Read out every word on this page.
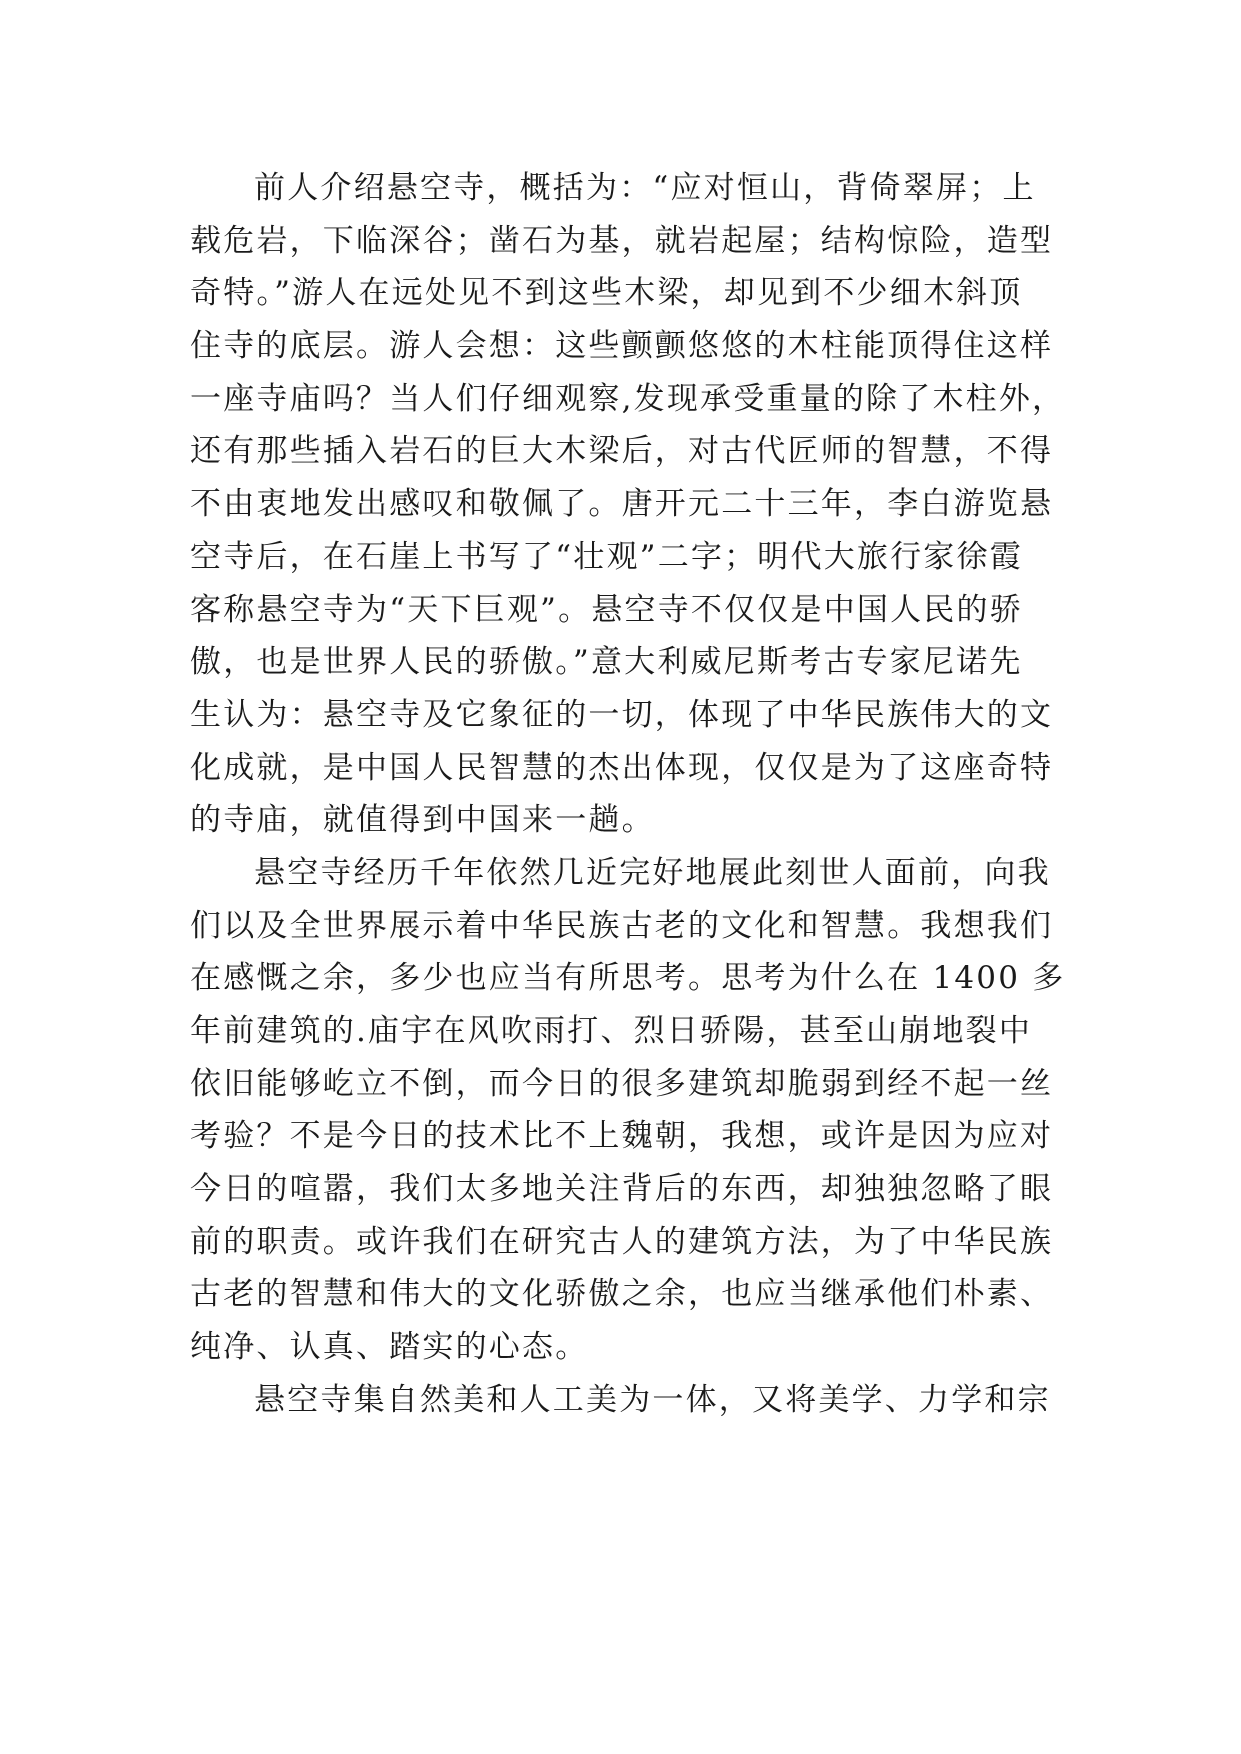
前人介绍悬空寺，概括为：“应对恒山，背倚翠屏；上
载危岩，下临深谷；凿石为基，就岩起屋；结构惊险，造型
奇特。”游人在远处见不到这些木梁，却见到不少细木斜顶
住寺的底层。游人会想：这些颤颤悠悠的木柱能顶得住这样
一座寺庙吗？当人们仔细观察,发现承受重量的除了木柱外，
还有那些插入岩石的巨大木梁后，对古代匠师的智慧，不得
不由衷地发出感叹和敬佩了。唐开元二十三年，李白游览悬
空寺后，在石崖上书写了“壮观”二字；明代大旅行家徐霞
客称悬空寺为“天下巨观”。悬空寺不仅仅是中国人民的骄
傲，也是世界人民的骄傲。”意大利威尼斯考古专家尼诺先
生认为：悬空寺及它象征的一切，体现了中华民族伟大的文
化成就，是中国人民智慧的杰出体现，仅仅是为了这座奇特
的寺庙，就值得到中国来一趟。
悬空寺经历千年依然几近完好地展此刻世人面前，向我
们以及全世界展示着中华民族古老的文化和智慧。我想我们
在感慨之余，多少也应当有所思考。思考为什么在 1400 多
年前建筑的.庙宇在风吹雨打、烈日骄陽，甚至山崩地裂中
依旧能够屹立不倒，而今日的很多建筑却脆弱到经不起一丝
考验？不是今日的技术比不上魏朝，我想，或许是因为应对
今日的喧嚣，我们太多地关注背后的东西，却独独忽略了眼
前的职责。或许我们在研究古人的建筑方法，为了中华民族
古老的智慧和伟大的文化骄傲之余，也应当继承他们朴素、
纯净、认真、踏实的心态。
悬空寺集自然美和人工美为一体，又将美学、力学和宗
